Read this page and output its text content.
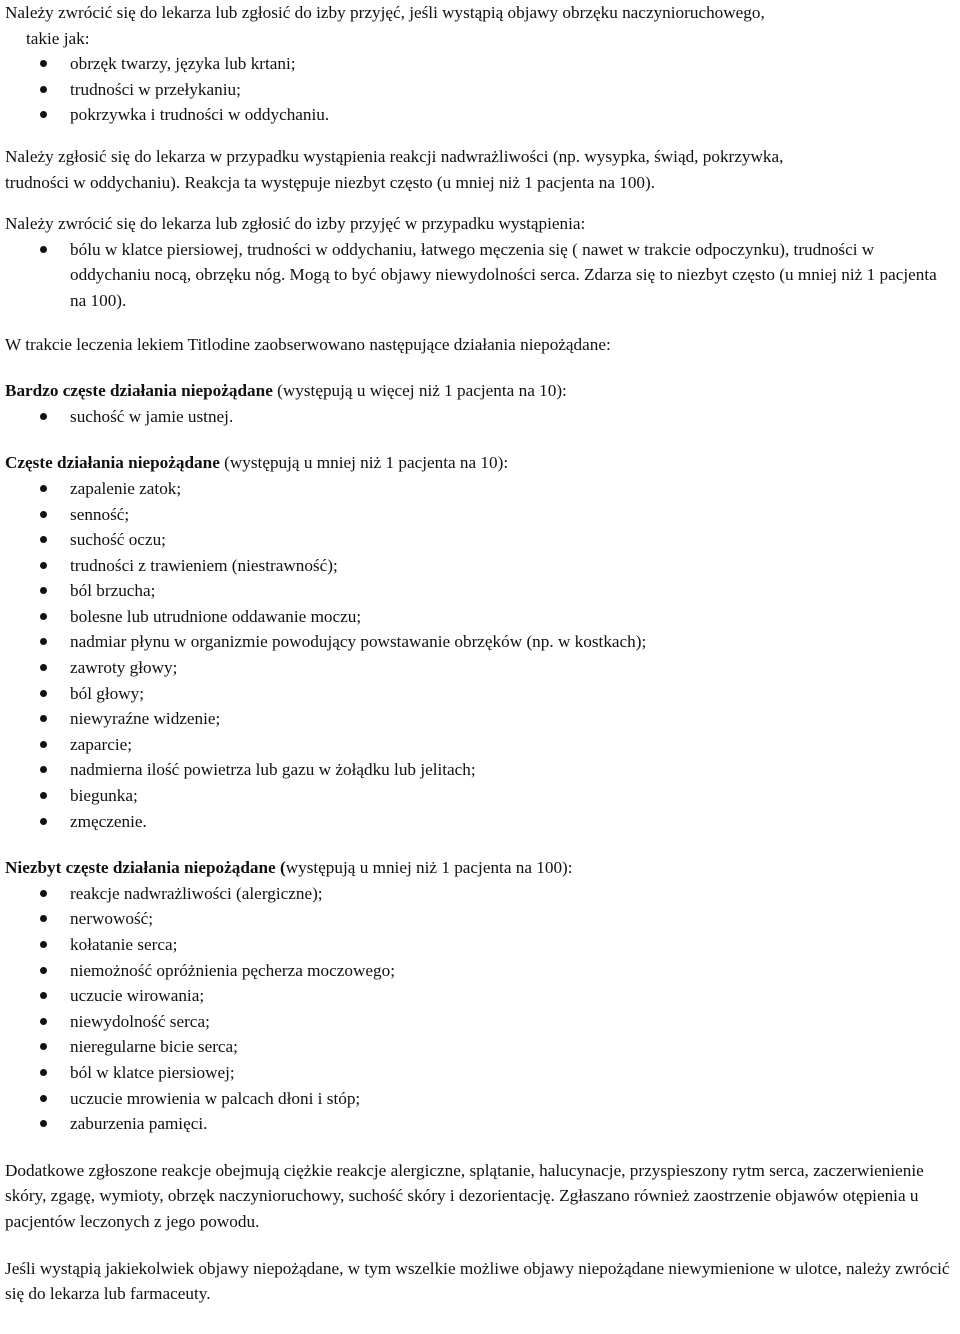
Należy zwrócić się do lekarza lub zgłosić do izby przyjęć, jeśli wystąpią objawy obrzęku naczynioruchowego,

takie jak:

obrzęk twarzy, języka lub krtani;
trudności w przełykaniu;
pokrzywka i trudności w oddychaniu.

Należy zgłosić się do lekarza w przypadku wystąpienia reakcji nadwrażliwości (np. wysypka, świąd, pokrzywka, trudności w oddychaniu). Reakcja ta występuje niezbyt często (u mniej niż 1 pacjenta na 100).

Należy zwrócić się do lekarza lub zgłosić do izby przyjęć w przypadku wystąpienia:

bólu w klatce piersiowej, trudności w oddychaniu, łatwego męczenia się ( nawet w trakcie odpoczynku), trudności w oddychaniu nocą, obrzęku nóg. Mogą to być objawy niewydolności serca. Zdarza się to niezbyt często (u mniej niż 1 pacjenta na 100).

W trakcie leczenia lekiem Titlodine zaobserwowano następujące działania niepożądane:

Bardzo częste działania niepożądane (występują u więcej niż 1 pacjenta na 10):

suchość w jamie ustnej.

Częste działania niepożądane (występują u mniej niż 1 pacjenta na 10):

zapalenie zatok;
senność;
suchość oczu;
trudności z trawieniem (niestrawność);
ból brzucha;
bolesne lub utrudnione oddawanie moczu;
nadmiar płynu w organizmie powodujący powstawanie obrzęków (np. w kostkach);
zawroty głowy;
ból głowy;
niewyraźne widzenie;
zaparcie;
nadmierna ilość powietrza lub gazu w żołądku lub jelitach;
biegunka;
zmęczenie.

Niezbyt częste działania niepożądane (występują u mniej niż 1 pacjenta na 100):

reakcje nadwrażliwości (alergiczne);
nerwowość;
kołatanie serca;
niemożność opróżnienia pęcherza moczowego;
uczucie wirowania;
niewydolność serca;
nieregularne bicie serca;
ból w klatce piersiowej;
uczucie mrowienia w palcach dłoni i stóp;
zaburzenia pamięci.

Dodatkowe zgłoszone reakcje obejmują ciężkie reakcje alergiczne, splątanie, halucynacje, przyspieszony rytm serca, zaczerwienienie skóry, zgagę, wymioty, obrzęk naczynioruchowy, suchość skóry i dezorientację. Zgłaszano również zaostrzenie objawów otępienia u pacjentów leczonych z jego powodu.

Jeśli wystąpią jakiekolwiek objawy niepożądane, w tym wszelkie możliwe objawy niepożądane niewymienione w ulotce, należy zwrócić się do lekarza lub farmaceuty.
